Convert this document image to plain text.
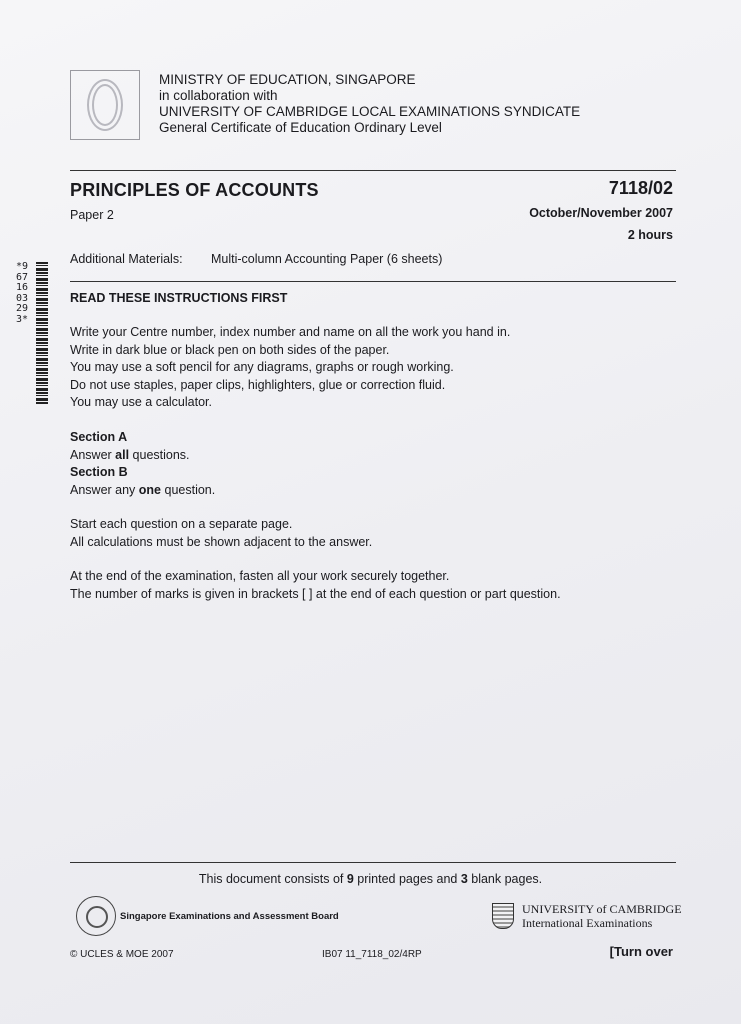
MINISTRY OF EDUCATION, SINGAPORE
in collaboration with
UNIVERSITY OF CAMBRIDGE LOCAL EXAMINATIONS SYNDICATE
General Certificate of Education Ordinary Level
PRINCIPLES OF ACCOUNTS	7118/02
Paper 2	October/November 2007
2 hours
Additional Materials: Multi-column Accounting Paper (6 sheets)
*9671603293*

READ THESE INSTRUCTIONS FIRST

Write your Centre number, index number and name on all the work you hand in.

Write in dark blue or black pen on both sides of the paper.

You may use a soft pencil for any diagrams, graphs or rough working.

Do not use staples, paper clips, highlighters, glue or correction fluid.

You may use a calculator.

Section A

Answer all questions.

Section B

Answer any one question.

Start each question on a separate page.

All calculations must be shown adjacent to the answer.

At the end of the examination, fasten all your work securely together.

The number of marks is given in brackets [ ] at the end of each question or part question.

This document consists of 9 printed pages and 3 blank pages.
Singapore Examinations and Assessment Board	UNIVERSITY of CAMBRIDGE
International Examinations
© UCLES & MOE 2007	IB07 11_7118_02/4RP	[Turn over
